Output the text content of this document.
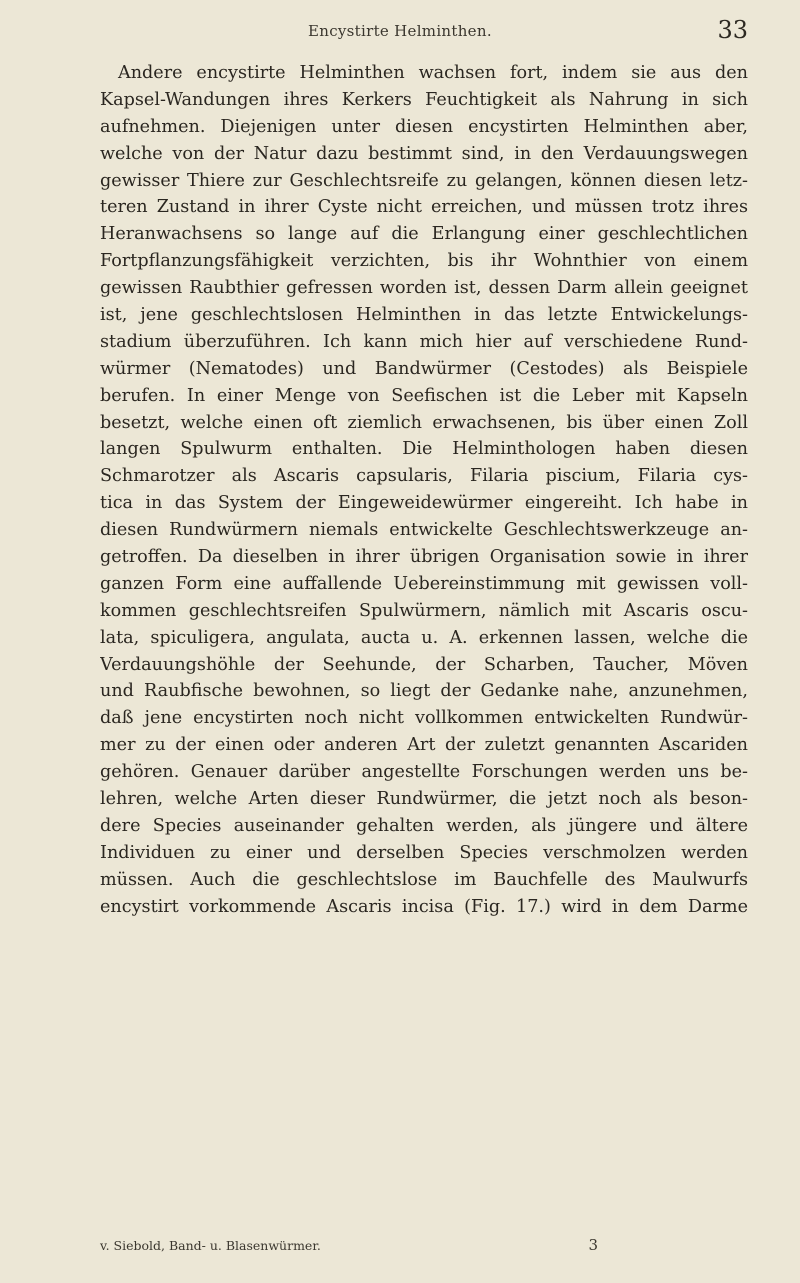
Encystirte Helminthen.	33
Andere encystirte Helminthen wachsen fort, indem sie aus den
Kapsel-Wandungen ihres Kerkers Feuchtigkeit als Nahrung in sich
aufnehmen. Diejenigen unter diesen encystirten Helminthen aber,
welche von der Natur dazu bestimmt sind, in den Verdauungswegen
gewisser Thiere zur Geschlechtsreife zu gelangen, können diesen letz-
teren Zustand in ihrer Cyste nicht erreichen, und müssen trotz ihres
Heranwachsens so lange auf die Erlangung einer geschlechtlichen
Fortpflanzungsfähigkeit verzichten, bis ihr Wohnthier von einem
gewissen Raubthier gefressen worden ist, dessen Darm allein geeignet
ist, jene geschlechtslosen Helminthen in das letzte Entwickelungs-
stadium überzuführen. Ich kann mich hier auf verschiedene Rund-
würmer (Nematodes) und Bandwürmer (Cestodes) als Beispiele
berufen. In einer Menge von Seefischen ist die Leber mit Kapseln
besetzt, welche einen oft ziemlich erwachsenen, bis über einen Zoll
langen Spulwurm enthalten. Die Helminthologen haben diesen
Schmarotzer als Ascaris capsularis, Filaria piscium, Filaria cys-
tica in das System der Eingeweidewürmer eingereiht. Ich habe in
diesen Rundwürmern niemals entwickelte Geschlechtswerkzeuge an-
getroffen. Da dieselben in ihrer übrigen Organisation sowie in ihrer
ganzen Form eine auffallende Uebereinstimmung mit gewissen voll-
kommen geschlechtsreifen Spulwürmern, nämlich mit Ascaris oscu-
lata, spiculigera, angulata, aucta u. A. erkennen lassen, welche die
Verdauungshöhle der Seehunde, der Scharben, Taucher, Möven
und Raubfische bewohnen, so liegt der Gedanke nahe, anzunehmen,
daß jene encystirten noch nicht vollkommen entwickelten Rundwür-
mer zu der einen oder anderen Art der zuletzt genannten Ascariden
gehören. Genauer darüber angestellte Forschungen werden uns be-
lehren, welche Arten dieser Rundwürmer, die jetzt noch als beson-
dere Species auseinander gehalten werden, als jüngere und ältere
Individuen zu einer und derselben Species verschmolzen werden
müssen. Auch die geschlechtslose im Bauchfelle des Maulwurfs
encystirt vorkommende Ascaris incisa (Fig. 17.) wird in dem Darme
v. Siebold, Band- u. Blasenwürmer.	3
